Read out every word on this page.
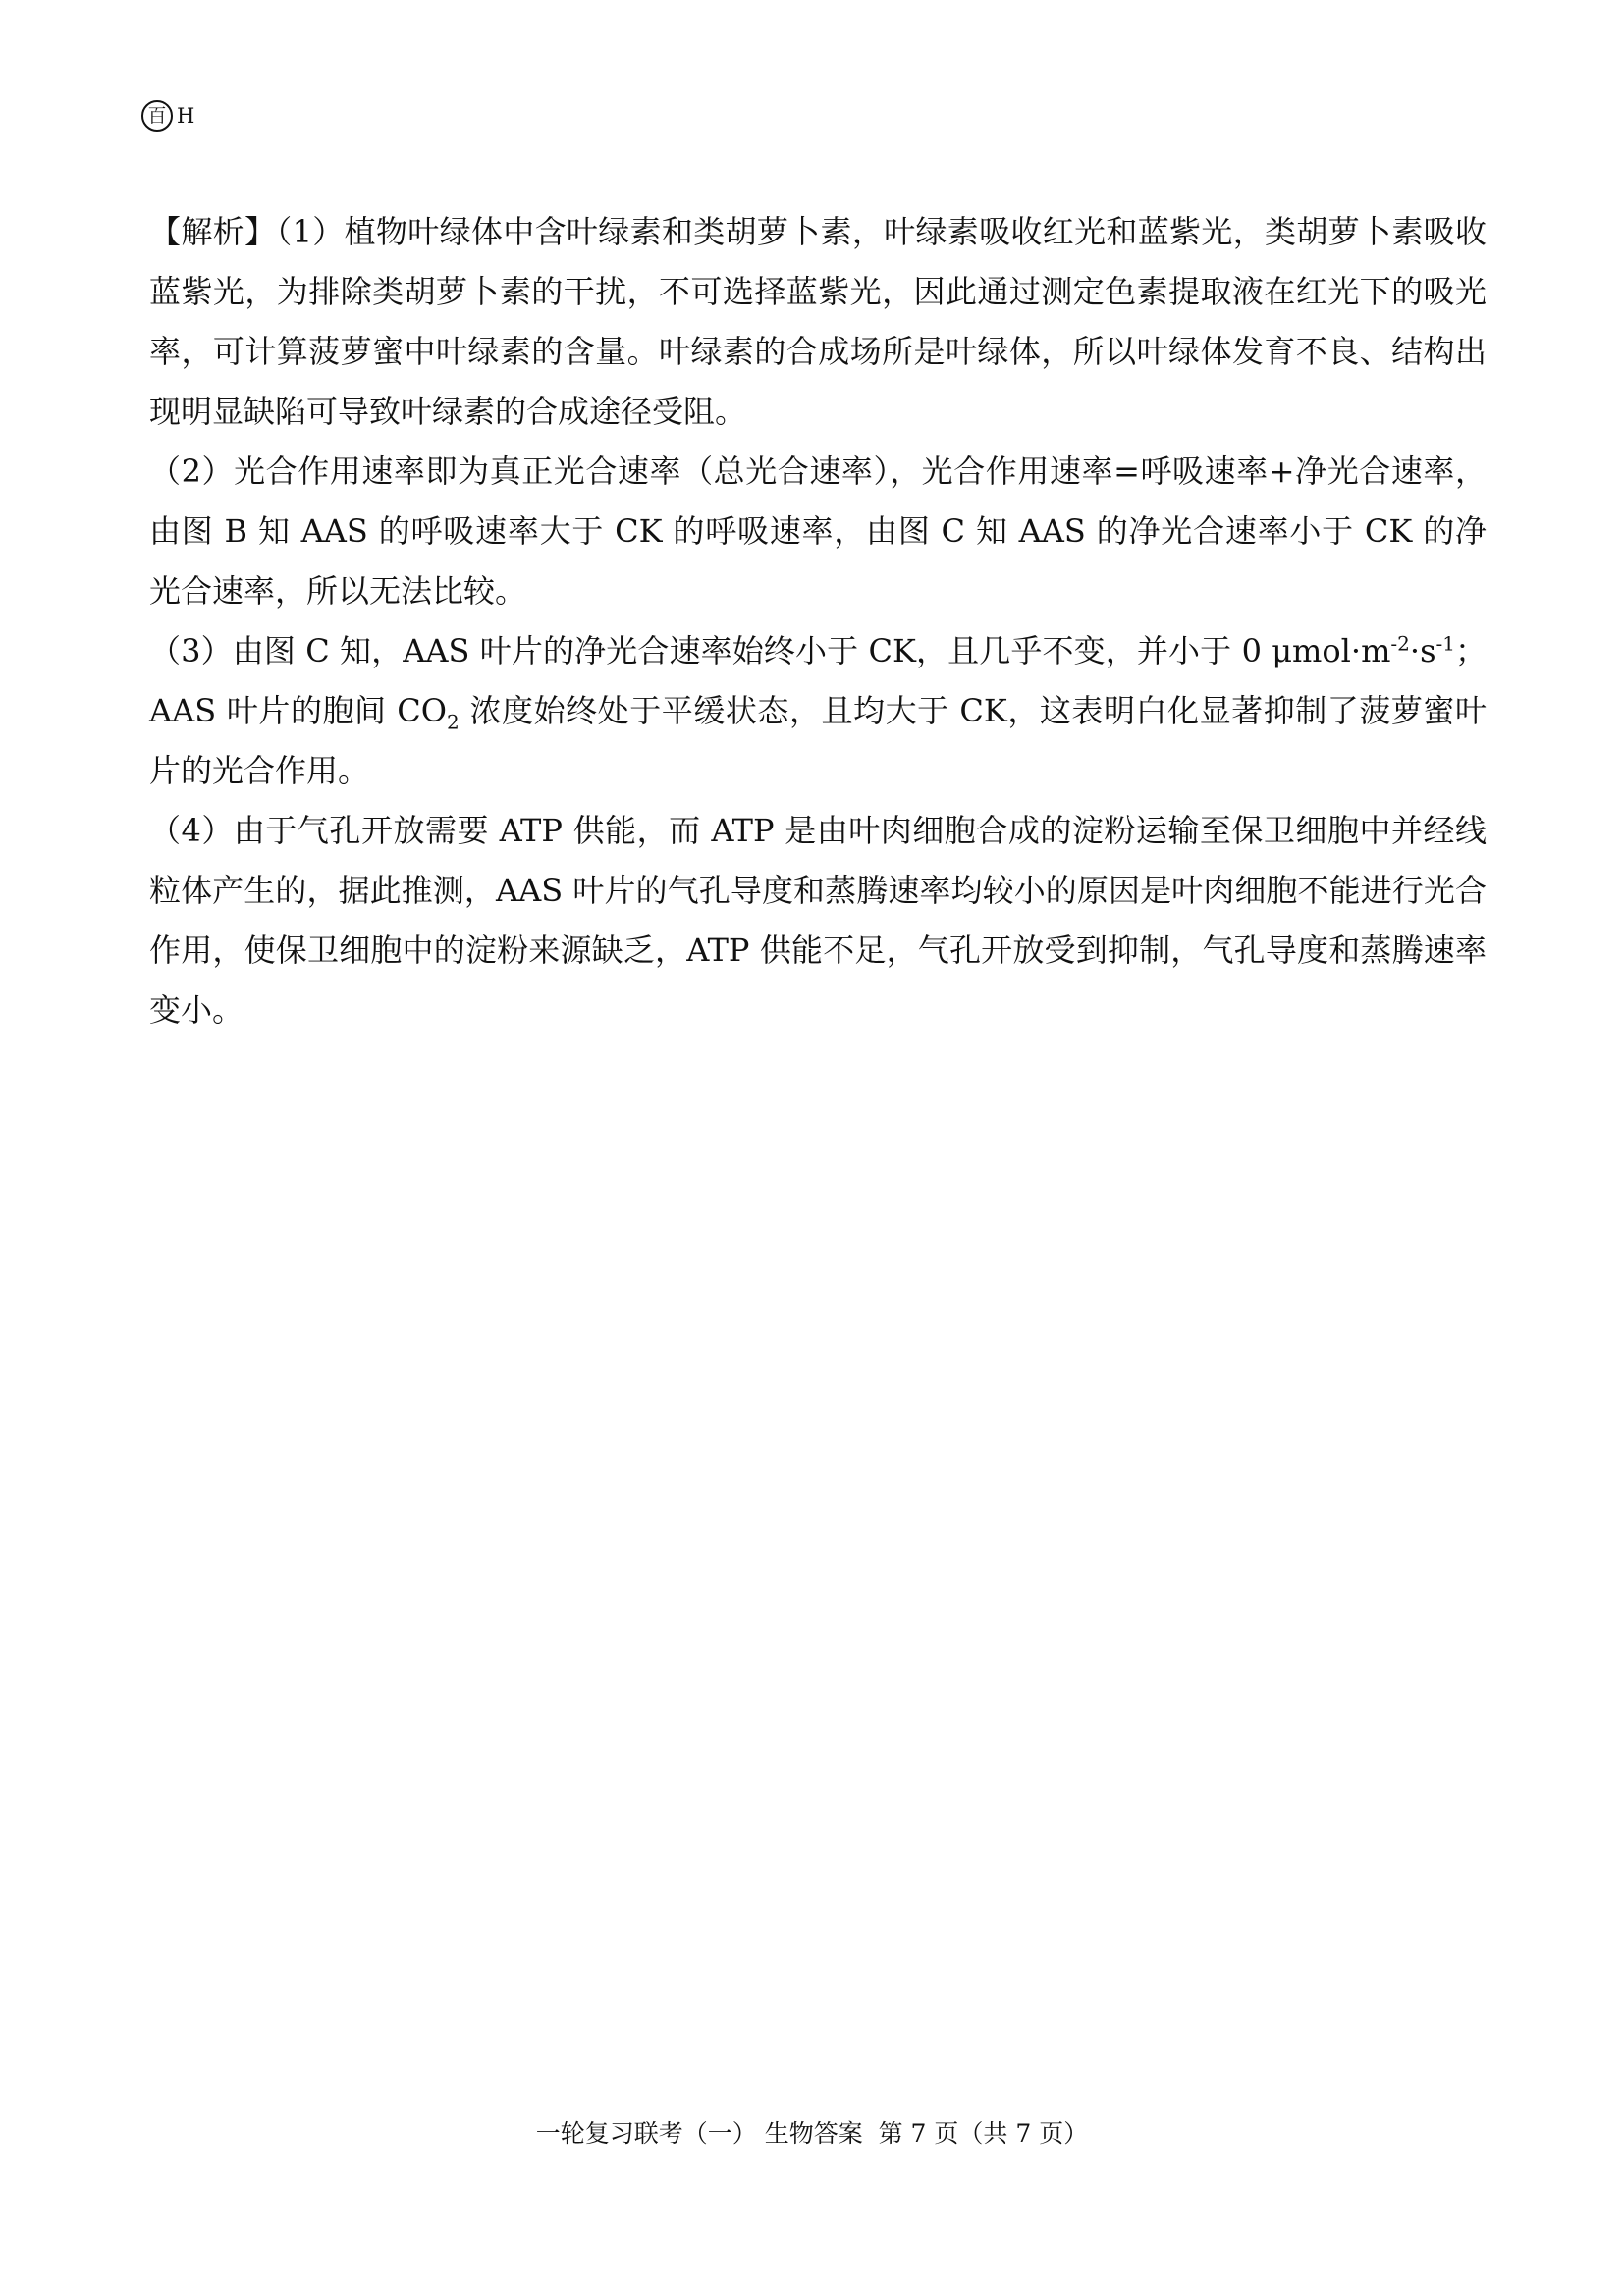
百 H

【解析】（1）植物叶绿体中含叶绿素和类胡萝卜素，叶绿素吸收红光和蓝紫光，类胡萝卜素吸收蓝紫光，为排除类胡萝卜素的干扰，不可选择蓝紫光，因此通过测定色素提取液在红光下的吸光率，可计算菠萝蜜中叶绿素的含量。叶绿素的合成场所是叶绿体，所以叶绿体发育不良、结构出现明显缺陷可导致叶绿素的合成途径受阻。

（2）光合作用速率即为真正光合速率（总光合速率），光合作用速率=呼吸速率+净光合速率，由图 B 知 AAS 的呼吸速率大于 CK 的呼吸速率，由图 C 知 AAS 的净光合速率小于 CK 的净光合速率，所以无法比较。

（3）由图 C 知，AAS 叶片的净光合速率始终小于 CK，且几乎不变，并小于 0 $\mu mol\cdot m^{-2}\cdot s^{-1}$；AAS 叶片的胞间 $CO_2$ 浓度始终处于平缓状态，且均大于 CK，这表明白化显著抑制了菠萝蜜叶片的光合作用。

（4）由于气孔开放需要 ATP 供能，而 ATP 是由叶肉细胞合成的淀粉运输至保卫细胞中并经线粒体产生的，据此推测，AAS 叶片的气孔导度和蒸腾速率均较小的原因是叶肉细胞不能进行光合作用，使保卫细胞中的淀粉来源缺乏，ATP 供能不足，气孔开放受到抑制，气孔导度和蒸腾速率变小。

一轮复习联考（一） 生物答案  第 7 页（共 7 页）
